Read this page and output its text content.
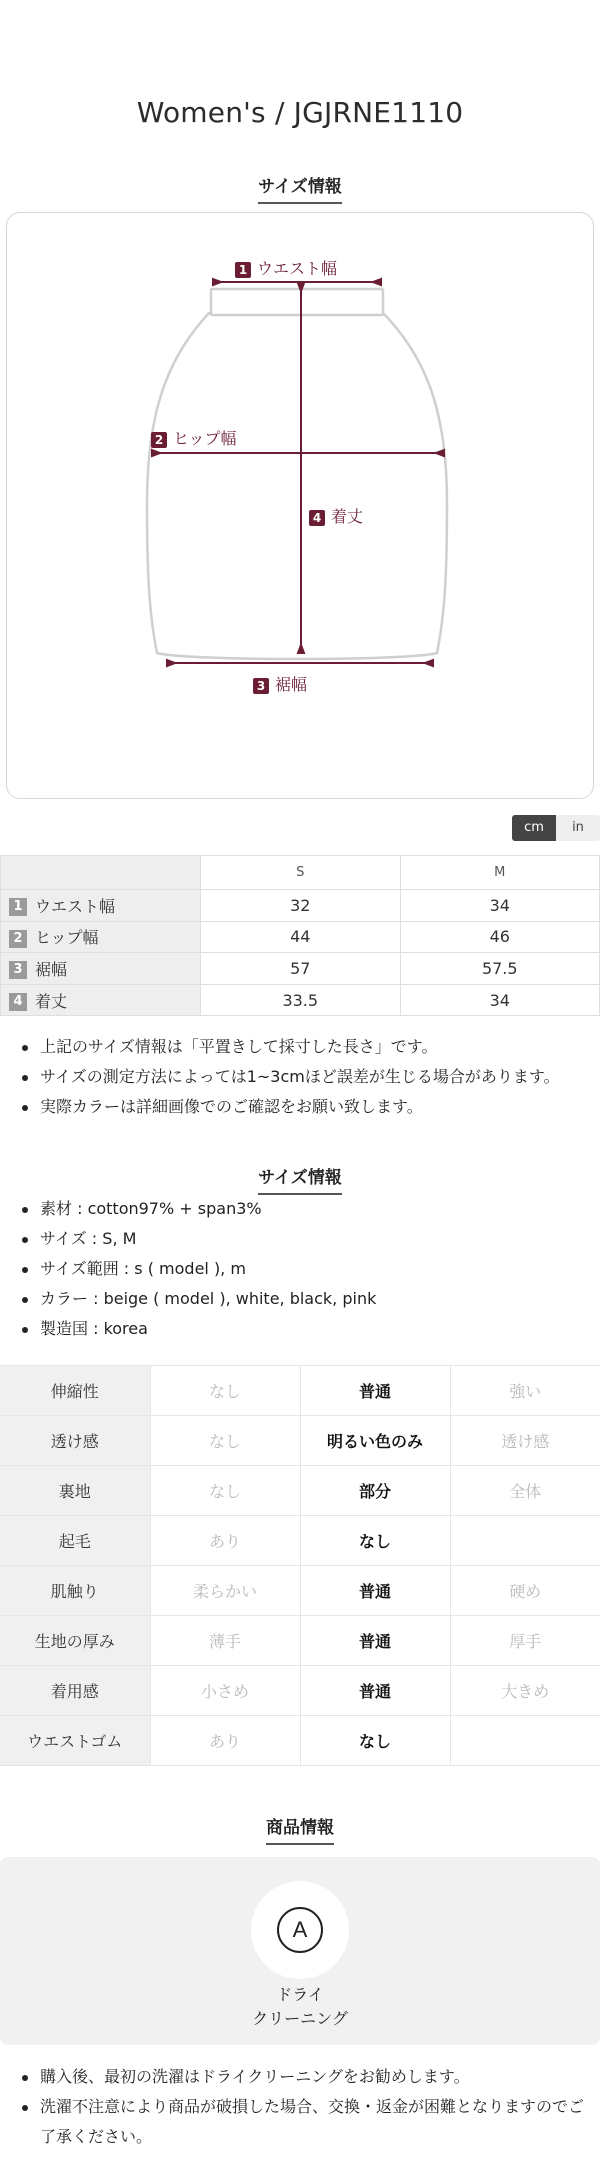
Women's / JGJRNE1110
サイズ情報
1 ウエスト幅
2 ヒップ幅
3 裾幅
4 着丈
cm	in
	S	M
1 ウエスト幅	32	34
2 ヒップ幅	44	46
3 裾幅	57	57.5
4 着丈	33.5	34
上記のサイズ情報は「平置きして採寸した長さ」です。
サイズの測定方法によっては1~3cmほど誤差が生じる場合があります。
実際カラーは詳細画像でのご確認をお願い致します。
サイズ情報
素材 : cotton97% + span3%
サイズ : S, M
サイズ範囲 : s ( model ), m
カラー : beige ( model ), white, black, pink
製造国 : korea
伸縮性	なし	普通	強い
透け感	なし	明るい色のみ	透け感
裏地	なし	部分	全体
起毛	あり	なし	
肌触り	柔らかい	普通	硬め
生地の厚み	薄手	普通	厚手
着用感	小さめ	普通	大きめ
ウエストゴム	あり	なし	
商品情報
A
ドライ
クリーニング
購入後、最初の洗濯はドライクリーニングをお勧めします。
洗濯不注意により商品が破損した場合、交換・返金が困難となりますのでご了承ください。
